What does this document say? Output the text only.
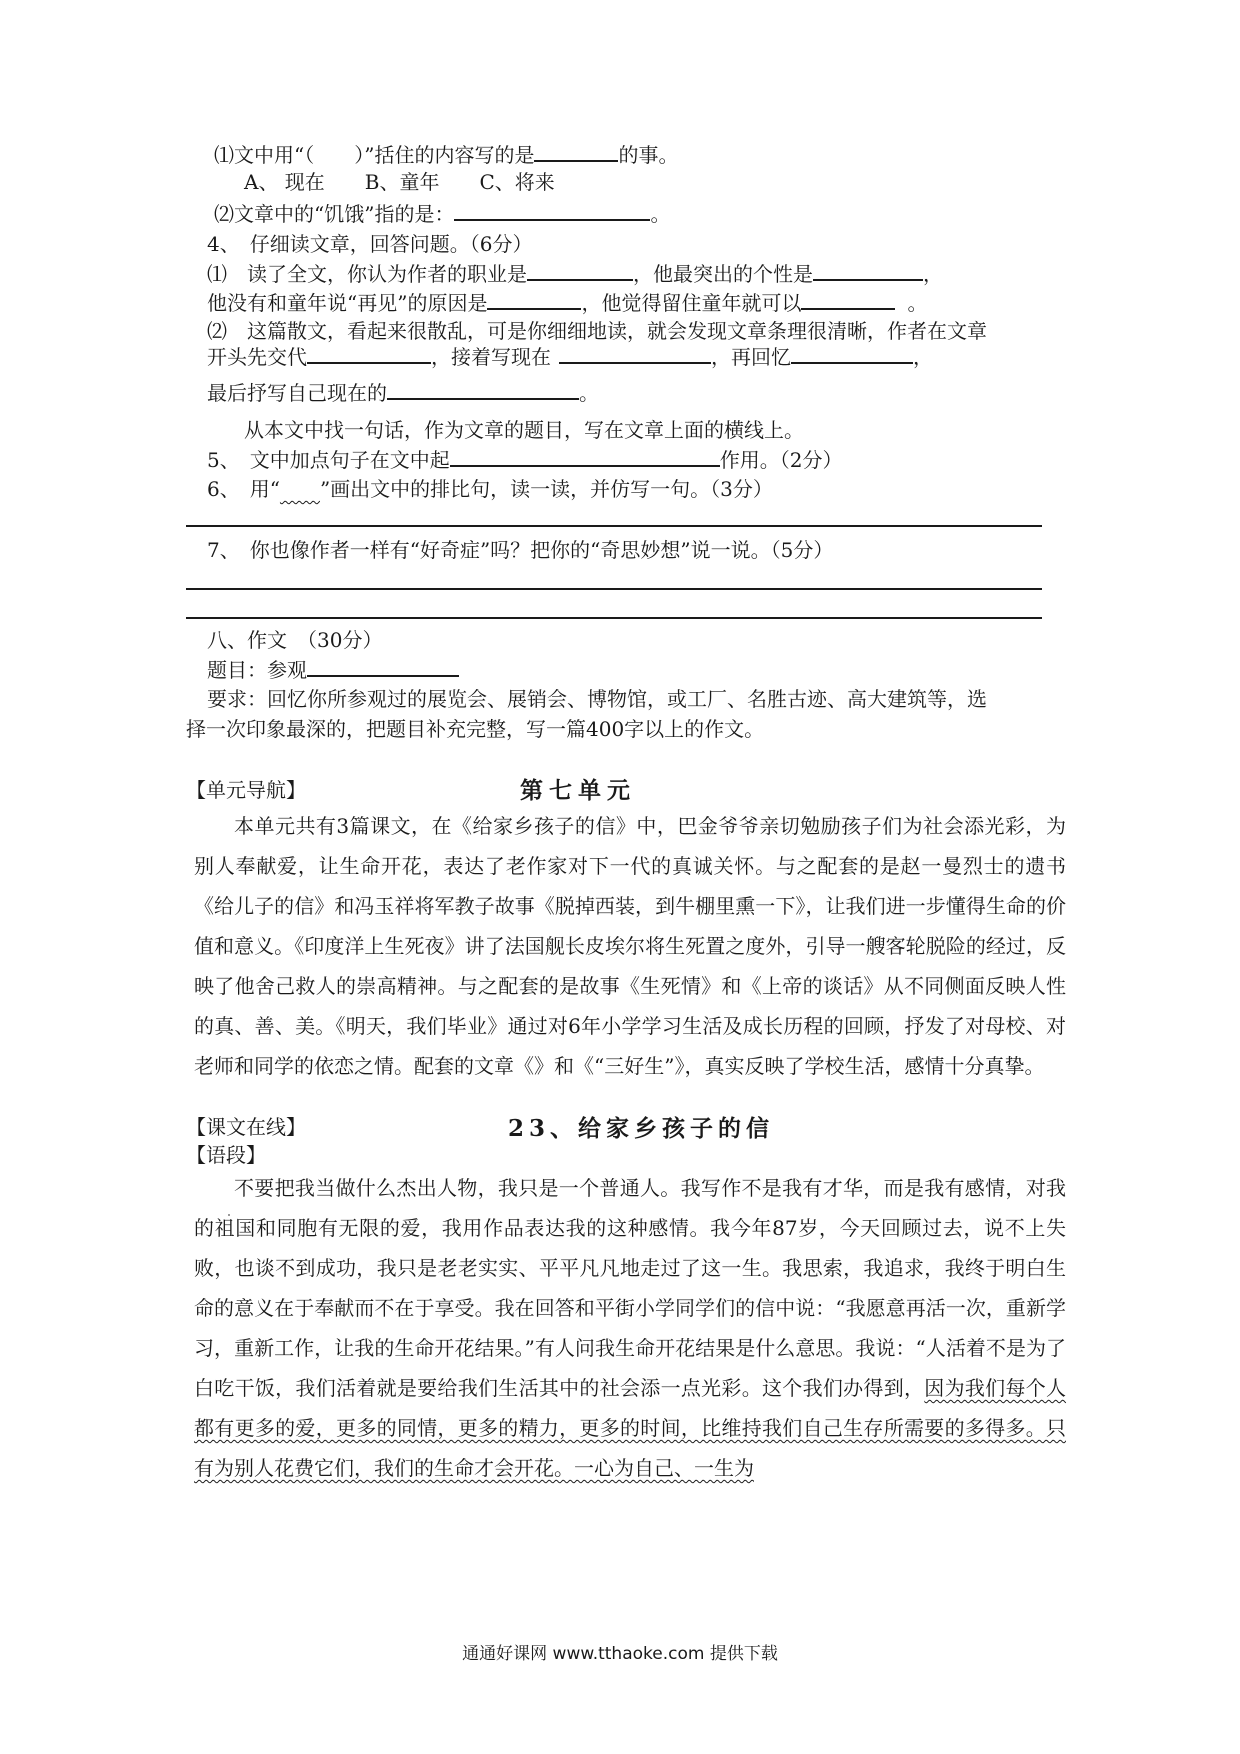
⑴文中用“（　　）”括住的内容写的是	的事。
A、 现在　　B、童年　　C、将来
⑵文章中的“饥饿”指的是：	。
4、　仔细读文章，回答问题。（6分）
⑴　读了全文，你认为作者的职业是	，他最突出的个性是	，
他没有和童年说“再见”的原因是	，他觉得留住童年就可以	。
⑵　这篇散文，看起来很散乱，可是你细细地读，就会发现文章条理很清晰，作者在文章
开头先交代	，接着写现在	，再回忆	，
最后抒写自己现在的	。
从本文中找一句话，作为文章的题目，写在文章上面的横线上。
5、　文中加点句子在文中起	作用。（2分）
6、　用“　　 ”画出文中的排比句，读一读，并仿写一句。（3分）
7、　你也像作者一样有“好奇症”吗？把你的“奇思妙想”说一说。（5分）
八、作文　（30分）
题目：参观
要求：回忆你所参观过的展览会、展销会、博物馆，或工厂、名胜古迹、高大建筑等，选
择一次印象最深的，把题目补充完整，写一篇400字以上的作文。
【单元导航】	第七单元
本单元共有3篇课文，在《给家乡孩子的信》中，巴金爷爷亲切勉励孩子们为社会添光彩，为别人奉献爱，让生命开花，表达了老作家对下一代的真诚关怀。与之配套的是赵一曼烈士的遗书《给儿子的信》和冯玉祥将军教子故事《脱掉西装，到牛棚里熏一下》，让我们进一步懂得生命的价值和意义。《印度洋上生死夜》讲了法国舰长皮埃尔将生死置之度外，引导一艘客轮脱险的经过，反映了他舍己救人的崇高精神。与之配套的是故事《生死情》和《上帝的谈话》从不同侧面反映人性的真、善、美。《明天，我们毕业》通过对6年小学学习生活及成长历程的回顾，抒发了对母校、对老师和同学的依恋之情。配套的文章《》和《“三好生”》，真实反映了学校生活，感情十分真挚。
【课文在线】	23、给家乡孩子的信
【语段】
不要把我当做什么杰出人物，我只是一个普通人。我写作不是我有才华，而是我有感情，对我的祖国和同胞有无限的爱，我用作品表达我的这种感情。我今年87岁，今天回顾过去，说不上失败，也谈不到成功，我只是老老实实、平平凡凡地走过了这一生。我思索，我追求，我终于明白生命的意义在于奉献而不在于享受。我在回答和平街小学同学们的信中说：“我愿意再活一次，重新学习，重新工作，让我的生命开花结果。”有人问我生命开花结果是什么意思。我说：“人活着不是为了白吃干饭，我们活着就是要给我们生活其中的社会添一点光彩。这个我们办得到，因为我们每个人都有更多的爱，更多的同情，更多的精力，更多的时间，比维持我们自己生存所需要的多得多。只有为别人花费它们，我们的生命才会开花。一心为自己、一生为
通通好课网 www.tthaoke.com 提供下载
